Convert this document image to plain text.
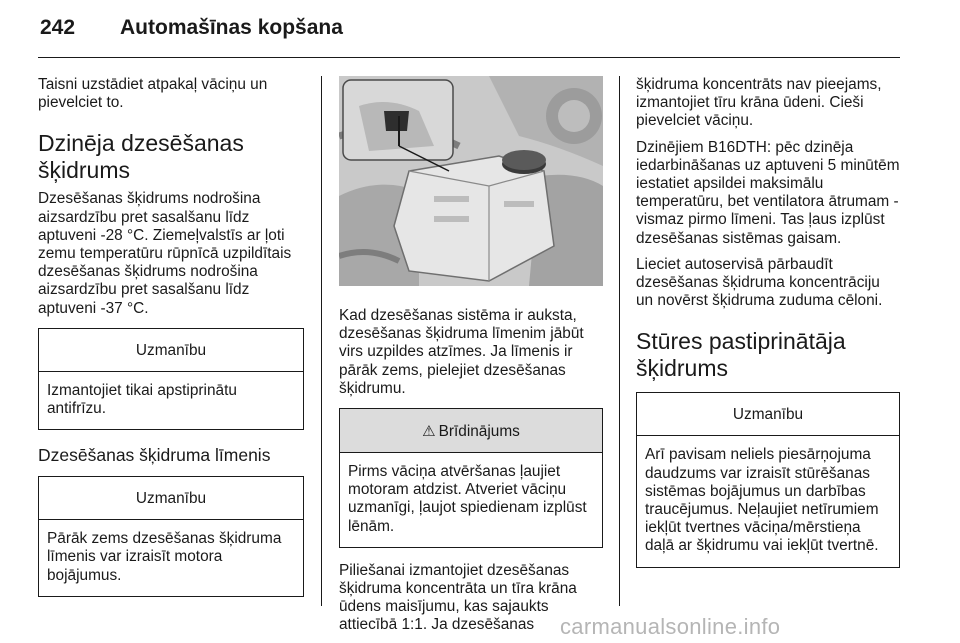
242 Automašīnas kopšana

Taisni uzstādiet atpakaļ vāciņu un pievelciet to.

Dzinēja dzesēšanas šķidrums

Dzesēšanas šķidrums nodrošina aizsardzību pret sasalšanu līdz aptuveni -28 °C. Ziemeļvalstīs ar ļoti zemu temperatūru rūpnīcā uzpildītais dzesēšanas šķidrums nodrošina aizsardzību pret sasalšanu līdz aptuveni -37 °C.

Uzmanību
Izmantojiet tikai apstiprinātu antifrīzu.
Dzesēšanas šķidruma līmenis
Uzmanību
Pārāk zems dzesēšanas šķidruma līmenis var izraisīt motora bojājumus.

Kad dzesēšanas sistēma ir auksta, dzesēšanas šķidruma līmenim jābūt virs uzpildes atzīmes. Ja līmenis ir pārāk zems, pielejiet dzesēšanas šķidrumu.

⚠ Brīdinājums
Pirms vāciņa atvēršanas ļaujiet motoram atdzist. Atveriet vāciņu uzmanīgi, ļaujot spiedienam izplūst lēnām.

Piliešanai izmantojiet dzesēšanas šķidruma koncentrāta un tīra krāna ūdens maisījumu, kas sajaukts attiecībā 1:1. Ja dzesēšanas

šķidruma koncentrāts nav pieejams, izmantojiet tīru krāna ūdeni. Cieši pievelciet vāciņu.

Dzinējiem B16DTH: pēc dzinēja iedarbināšanas uz aptuveni 5 minūtēm iestatiet apsildei maksimālu temperatūru, bet ventilatora ātrumam - vismaz pirmo līmeni. Tas ļaus izplūst dzesēšanas sistēmas gaisam.

Lieciet autoservisā pārbaudīt dzesēšanas šķidruma koncentrāciju un novērst šķidruma zuduma cēloni.

Stūres pastiprinātāja šķidrums
Uzmanību
Arī pavisam neliels piesārņojuma daudzums var izraisīt stūrēšanas sistēmas bojājumus un darbības traucējumus. Neļaujiet netīrumiem iekļūt tvertnes vāciņa/mērstieņa daļā ar šķidrumu vai iekļūt tvertnē.
carmanualsonline.info
